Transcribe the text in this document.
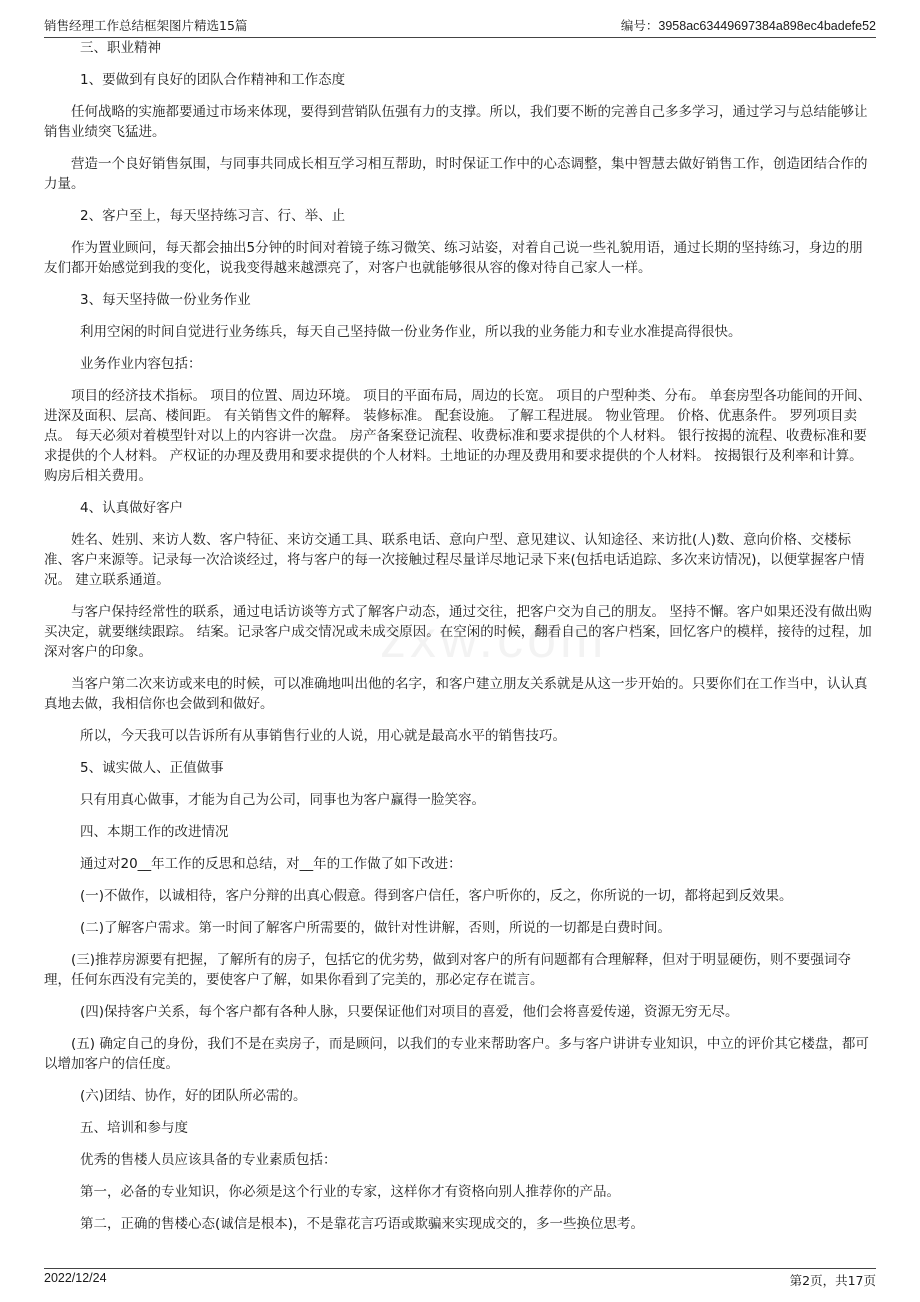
销售经理工作总结框架图片精选15篇	编号：3958ac63449697384a898ec4badefe52

三、职业精神

1、要做到有良好的团队合作精神和工作态度

任何战略的实施都要通过市场来体现，要得到营销队伍强有力的支撑。所以，我们要不断的完善自己多多学习，通过学习与总结能够让销售业绩突飞猛进。

营造一个良好销售氛围，与同事共同成长相互学习相互帮助，时时保证工作中的心态调整，集中智慧去做好销售工作，创造团结合作的力量。

2、客户至上，每天坚持练习言、行、举、止

作为置业顾问，每天都会抽出5分钟的时间对着镜子练习微笑、练习站姿，对着自己说一些礼貌用语，通过长期的坚持练习，身边的朋友们都开始感觉到我的变化，说我变得越来越漂亮了，对客户也就能够很从容的像对待自己家人一样。

3、每天坚持做一份业务作业

利用空闲的时间自觉进行业务练兵，每天自己坚持做一份业务作业，所以我的业务能力和专业水准提高得很快。

业务作业内容包括：

项目的经济技术指标。 项目的位置、周边环境。 项目的平面布局，周边的长宽。 项目的户型种类、分布。 单套房型各功能间的开间、进深及面积、层高、楼间距。 有关销售文件的解释。 装修标准。 配套设施。 了解工程进展。 物业管理。 价格、优惠条件。 罗列项目卖点。 每天必须对着模型针对以上的内容讲一次盘。 房产备案登记流程、收费标准和要求提供的个人材料。 银行按揭的流程、收费标准和要求提供的个人材料。 产权证的办理及费用和要求提供的个人材料。土地证的办理及费用和要求提供的个人材料。 按揭银行及利率和计算。 购房后相关费用。

4、认真做好客户

姓名、姓别、来访人数、客户特征、来访交通工具、联系电话、意向户型、意见建议、认知途径、来访批(人)数、意向价格、交楼标准、客户来源等。记录每一次洽谈经过，将与客户的每一次接触过程尽量详尽地记录下来(包括电话追踪、多次来访情况)，以便掌握客户情况。 建立联系通道。

与客户保持经常性的联系，通过电话访谈等方式了解客户动态，通过交往，把客户交为自己的朋友。 坚持不懈。客户如果还没有做出购买决定，就要继续跟踪。 结案。记录客户成交情况或未成交原因。在空闲的时候，翻看自己的客户档案，回忆客户的模样，接待的过程，加深对客户的印象。

当客户第二次来访或来电的时候，可以准确地叫出他的名字，和客户建立朋友关系就是从这一步开始的。只要你们在工作当中，认认真真地去做，我相信你也会做到和做好。

所以，今天我可以告诉所有从事销售行业的人说，用心就是最高水平的销售技巧。

5、诚实做人、正值做事

只有用真心做事，才能为自己为公司，同事也为客户赢得一脸笑容。

四、本期工作的改进情况

通过对20__年工作的反思和总结，对__年的工作做了如下改进：

(一)不做作，以诚相待，客户分辩的出真心假意。得到客户信任，客户听你的，反之，你所说的一切，都将起到反效果。

(二)了解客户需求。第一时间了解客户所需要的，做针对性讲解，否则，所说的一切都是白费时间。

(三)推荐房源要有把握，了解所有的房子，包括它的优劣势，做到对客户的所有问题都有合理解释，但对于明显硬伤，则不要强词夺理，任何东西没有完美的，要使客户了解，如果你看到了完美的，那必定存在谎言。

(四)保持客户关系，每个客户都有各种人脉，只要保证他们对项目的喜爱，他们会将喜爱传递，资源无穷无尽。

(五) 确定自己的身份，我们不是在卖房子，而是顾问，以我们的专业来帮助客户。多与客户讲讲专业知识，中立的评价其它楼盘，都可以增加客户的信任度。

(六)团结、协作，好的团队所必需的。

五、培训和参与度

优秀的售楼人员应该具备的专业素质包括：

第一，必备的专业知识，你必须是这个行业的专家，这样你才有资格向别人推荐你的产品。

第二，正确的售楼心态(诚信是根本)，不是靠花言巧语或欺骗来实现成交的，多一些换位思考。

2022/12/24	第2页，共17页
